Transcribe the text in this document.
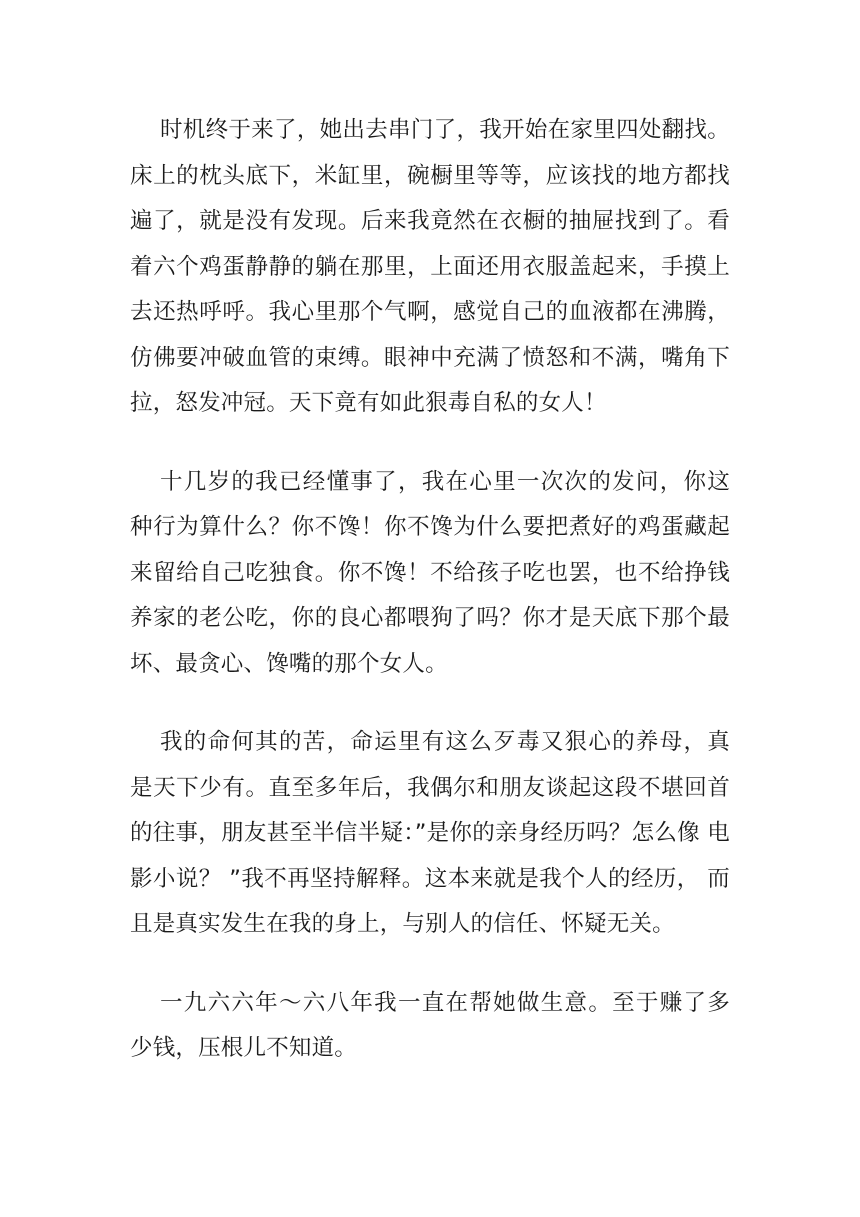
时机终于来了，她出去串门了，我开始在家里四处翻找。床上的枕头底下，米缸里，碗橱里等等，应该找的地方都找 遍了，就是没有发现。后来我竟然在衣橱的抽屉找到了。看 着六个鸡蛋静静的躺在那里，上面还用衣服盖起来，手摸上 去还热呼呼。我心里那个气啊，感觉自己的血液都在沸腾， 仿佛要冲破血管的束缚。眼神中充满了愤怒和不满，嘴角下 拉，怒发冲冠。天下竟有如此狠毒自私的女人！

十几岁的我已经懂事了，我在心里一次次的发问，你这 种行为算什么？你不馋！你不馋为什么要把煮好的鸡蛋藏起 来留给自己吃独食。你不馋！不给孩子吃也罢，也不给挣钱 养家的老公吃，你的良心都喂狗了吗？你才是天底下那个最 坏、最贪心、馋嘴的那个女人。

我的命何其的苦，命运里有这么歹毒又狠心的养母，真 是天下少有。直至多年后，我偶尔和朋友谈起这段不堪回首 的往事，朋友甚至半信半疑：”是你的亲身经历吗？怎么像 电影小说？ ”我不再坚持解释。这本来就是我个人的经历， 而且是真实发生在我的身上，与别人的信任、怀疑无关。

一九六六年～六八年我一直在帮她做生意。至于赚了多 少钱，压根儿不知道。
